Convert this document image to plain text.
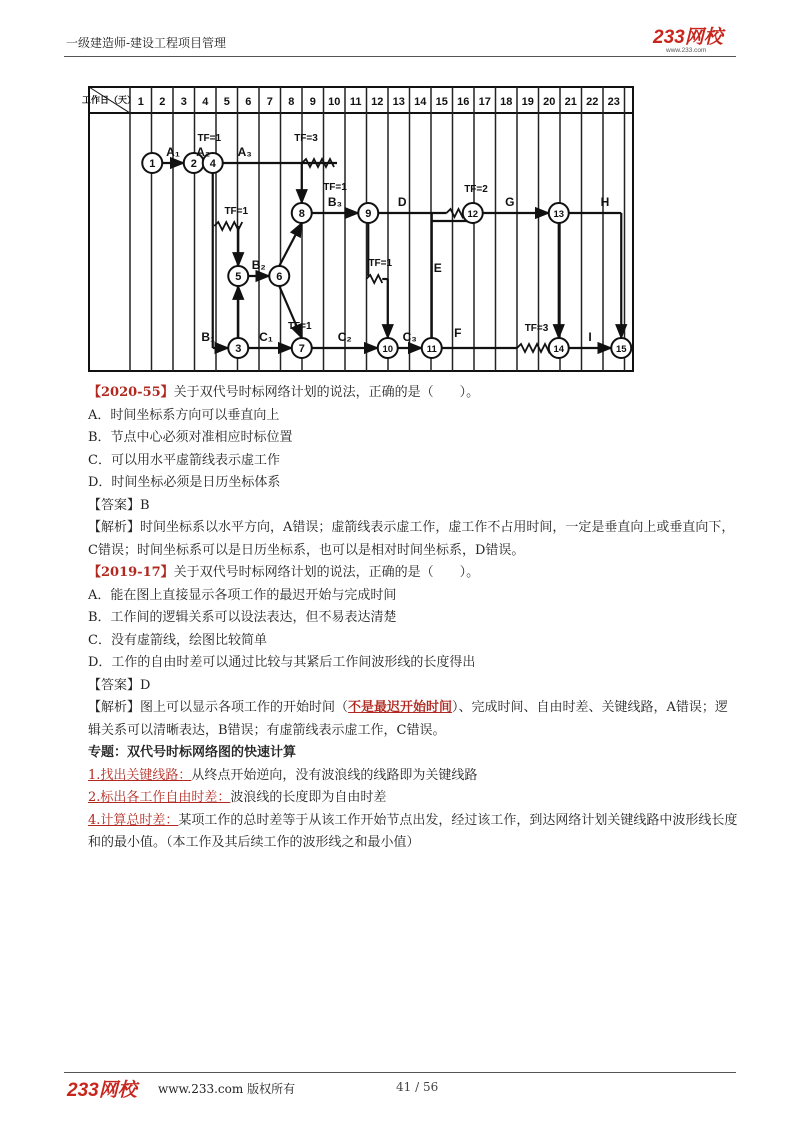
一级建造师-建设工程项目管理	233网校
www.233.com
工作日（天） 1 2 3 4 5 6 7 8 9 10 11 12 13 14 15 16 17 18 19 20 21 22 23
1	2
3
4
5	6
7
8	9
10	11
12	13
14	15
A₁ A₂
TF=1
A₃
TF=3
B₃
TF=1
D
TF=2
G	H
TF=1
B₂	TF=1	E
B₁	C₁
TF=1
C₂	C₃	F	TF=3
I

【2020-55】关于双代号时标网络计划的说法，正确的是（　　）。

A．时间坐标系方向可以垂直向上

B．节点中心必须对准相应时标位置

C．可以用水平虚箭线表示虚工作

D．时间坐标必须是日历坐标体系

【答案】B

【解析】时间坐标系以水平方向，A错误；虚箭线表示虚工作，虚工作不占用时间，一定是垂直向上或垂直向下，C错误；时间坐标系可以是日历坐标系，也可以是相对时间坐标系，D错误。

【2019-17】关于双代号时标网络计划的说法，正确的是（　　）。

A．能在图上直接显示各项工作的最迟开始与完成时间

B．工作间的逻辑关系可以设法表达，但不易表达清楚

C．没有虚箭线，绘图比较简单

D．工作的自由时差可以通过比较与其紧后工作间波形线的长度得出

【答案】D

【解析】图上可以显示各项工作的开始时间（不是最迟开始时间）、完成时间、自由时差、关键线路，A错误；逻辑关系可以清晰表达，B错误；有虚箭线表示虚工作，C错误。

专题：双代号时标网络图的快速计算

1.找出关键线路：从终点开始逆向，没有波浪线的线路即为关键线路

2.标出各工作自由时差：波浪线的长度即为自由时差

4.计算总时差：某项工作的总时差等于从该工作开始节点出发，经过该工作，到达网络计划关键线路中波形线长度和的最小值。（本工作及其后续工作的波形线之和最小值）

233网校 www.233.com 版权所有	41 / 56
